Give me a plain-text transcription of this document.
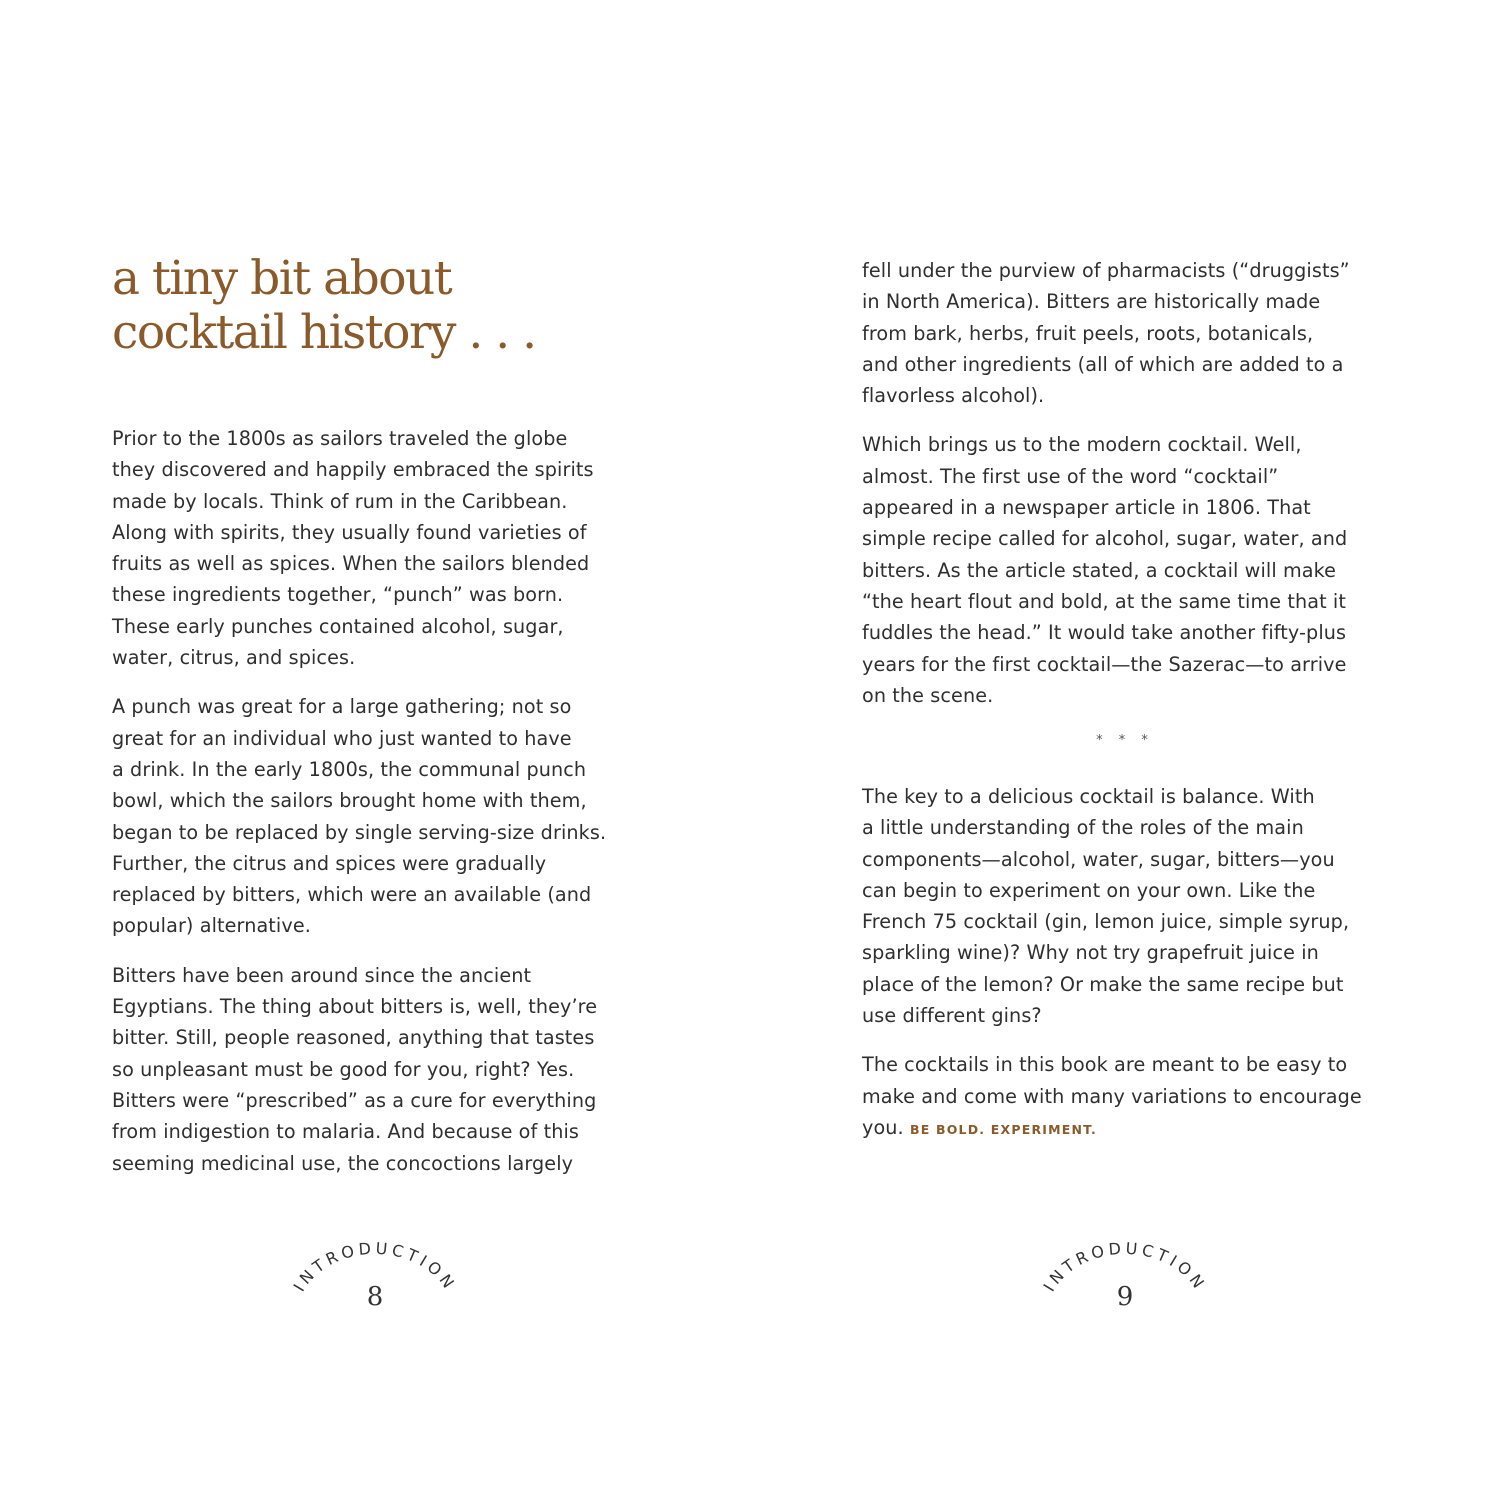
a tiny bit about
cocktail history . . .
Prior to the 1800s as sailors traveled the globe
they discovered and happily embraced the spirits
made by locals. Think of rum in the Caribbean.
Along with spirits, they usually found varieties of
fruits as well as spices. When the sailors blended
these ingredients together, “punch” was born.
These early punches contained alcohol, sugar,
water, citrus, and spices.
A punch was great for a large gathering; not so
great for an individual who just wanted to have
a drink. In the early 1800s, the communal punch
bowl, which the sailors brought home with them,
began to be replaced by single serving-size drinks.
Further, the citrus and spices were gradually
replaced by bitters, which were an available (and
popular) alternative.
Bitters have been around since the ancient
Egyptians. The thing about bitters is, well, they’re
bitter. Still, people reasoned, anything that tastes
so unpleasant must be good for you, right? Yes.
Bitters were “prescribed” as a cure for everything
from indigestion to malaria. And because of this
seeming medicinal use, the concoctions largely
INTRODUCTION
8
fell under the purview of pharmacists (“druggists”
in North America). Bitters are historically made
from bark, herbs, fruit peels, roots, botanicals,
and other ingredients (all of which are added to a
flavorless alcohol).
Which brings us to the modern cocktail. Well,
almost. The first use of the word “cocktail”
appeared in a newspaper article in 1806. That
simple recipe called for alcohol, sugar, water, and
bitters. As the article stated, a cocktail will make
“the heart flout and bold, at the same time that it
fuddles the head.” It would take another fifty-plus
years for the first cocktail—the Sazerac—to arrive
on the scene.
* * *
The key to a delicious cocktail is balance. With
a little understanding of the roles of the main
components—alcohol, water, sugar, bitters—you
can begin to experiment on your own. Like the
French 75 cocktail (gin, lemon juice, simple syrup,
sparkling wine)? Why not try grapefruit juice in
place of the lemon? Or make the same recipe but
use different gins?
The cocktails in this book are meant to be easy to
make and come with many variations to encourage
you. BE BOLD. EXPERIMENT.
INTRODUCTION
9
